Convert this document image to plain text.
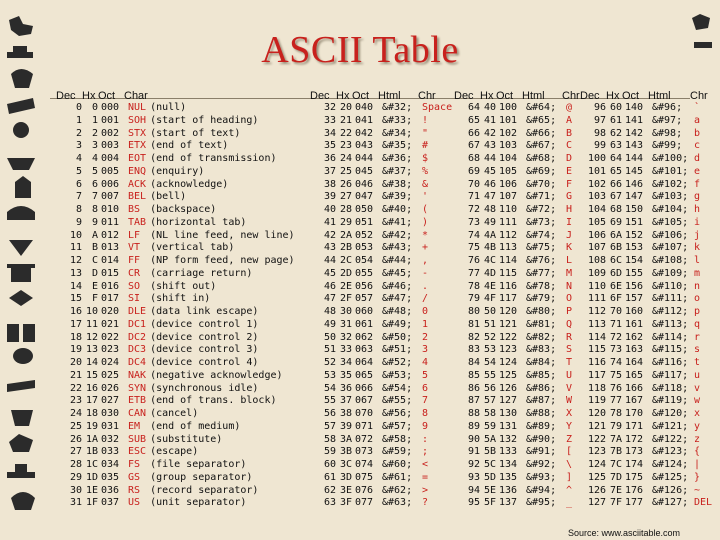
ASCII Table
Dec	Hx	Oct	Char	
0	0	000	NUL	(null)
1	1	001	SOH	(start of heading)
2	2	002	STX	(start of text)
3	3	003	ETX	(end of text)
4	4	004	EOT	(end of transmission)
5	5	005	ENQ	(enquiry)
6	6	006	ACK	(acknowledge)
7	7	007	BEL	(bell)
8	8	010	BS	(backspace)
9	9	011	TAB	(horizontal tab)
10	A	012	LF	(NL line feed, new line)
11	B	013	VT	(vertical tab)
12	C	014	FF	(NP form feed, new page)
13	D	015	CR	(carriage return)
14	E	016	SO	(shift out)
15	F	017	SI	(shift in)
16	10	020	DLE	(data link escape)
17	11	021	DC1	(device control 1)
18	12	022	DC2	(device control 2)
19	13	023	DC3	(device control 3)
20	14	024	DC4	(device control 4)
21	15	025	NAK	(negative acknowledge)
22	16	026	SYN	(synchronous idle)
23	17	027	ETB	(end of trans. block)
24	18	030	CAN	(cancel)
25	19	031	EM	(end of medium)
26	1A	032	SUB	(substitute)
27	1B	033	ESC	(escape)
28	1C	034	FS	(file separator)
29	1D	035	GS	(group separator)
30	1E	036	RS	(record separator)
31	1F	037	US	(unit separator)
Dec	Hx	Oct	Html	Chr
32	20	040	&#32;	Space
33	21	041	&#33;	!
34	22	042	&#34;	"
35	23	043	&#35;	#
36	24	044	&#36;	$
37	25	045	&#37;	%
38	26	046	&#38;	&
39	27	047	&#39;	'
40	28	050	&#40;	(
41	29	051	&#41;	)
42	2A	052	&#42;	*
43	2B	053	&#43;	+
44	2C	054	&#44;	,
45	2D	055	&#45;	-
46	2E	056	&#46;	.
47	2F	057	&#47;	/
48	30	060	&#48;	0
49	31	061	&#49;	1
50	32	062	&#50;	2
51	33	063	&#51;	3
52	34	064	&#52;	4
53	35	065	&#53;	5
54	36	066	&#54;	6
55	37	067	&#55;	7
56	38	070	&#56;	8
57	39	071	&#57;	9
58	3A	072	&#58;	:
59	3B	073	&#59;	;
60	3C	074	&#60;	<
61	3D	075	&#61;	=
62	3E	076	&#62;	>
63	3F	077	&#63;	?
Dec	Hx	Oct	Html	Chr
64	40	100	&#64;	@
65	41	101	&#65;	A
66	42	102	&#66;	B
67	43	103	&#67;	C
68	44	104	&#68;	D
69	45	105	&#69;	E
70	46	106	&#70;	F
71	47	107	&#71;	G
72	48	110	&#72;	H
73	49	111	&#73;	I
74	4A	112	&#74;	J
75	4B	113	&#75;	K
76	4C	114	&#76;	L
77	4D	115	&#77;	M
78	4E	116	&#78;	N
79	4F	117	&#79;	O
80	50	120	&#80;	P
81	51	121	&#81;	Q
82	52	122	&#82;	R
83	53	123	&#83;	S
84	54	124	&#84;	T
85	55	125	&#85;	U
86	56	126	&#86;	V
87	57	127	&#87;	W
88	58	130	&#88;	X
89	59	131	&#89;	Y
90	5A	132	&#90;	Z
91	5B	133	&#91;	[
92	5C	134	&#92;	\
93	5D	135	&#93;	]
94	5E	136	&#94;	^
95	5F	137	&#95;	_
Dec	Hx	Oct	Html	Chr
96	60	140	&#96;	`
97	61	141	&#97;	a
98	62	142	&#98;	b
99	63	143	&#99;	c
100	64	144	&#100;	d
101	65	145	&#101;	e
102	66	146	&#102;	f
103	67	147	&#103;	g
104	68	150	&#104;	h
105	69	151	&#105;	i
106	6A	152	&#106;	j
107	6B	153	&#107;	k
108	6C	154	&#108;	l
109	6D	155	&#109;	m
110	6E	156	&#110;	n
111	6F	157	&#111;	o
112	70	160	&#112;	p
113	71	161	&#113;	q
114	72	162	&#114;	r
115	73	163	&#115;	s
116	74	164	&#116;	t
117	75	165	&#117;	u
118	76	166	&#118;	v
119	77	167	&#119;	w
120	78	170	&#120;	x
121	79	171	&#121;	y
122	7A	172	&#122;	z
123	7B	173	&#123;	{
124	7C	174	&#124;	|
125	7D	175	&#125;	}
126	7E	176	&#126;	~
127	7F	177	&#127;	DEL
Source: www.asciitable.com
